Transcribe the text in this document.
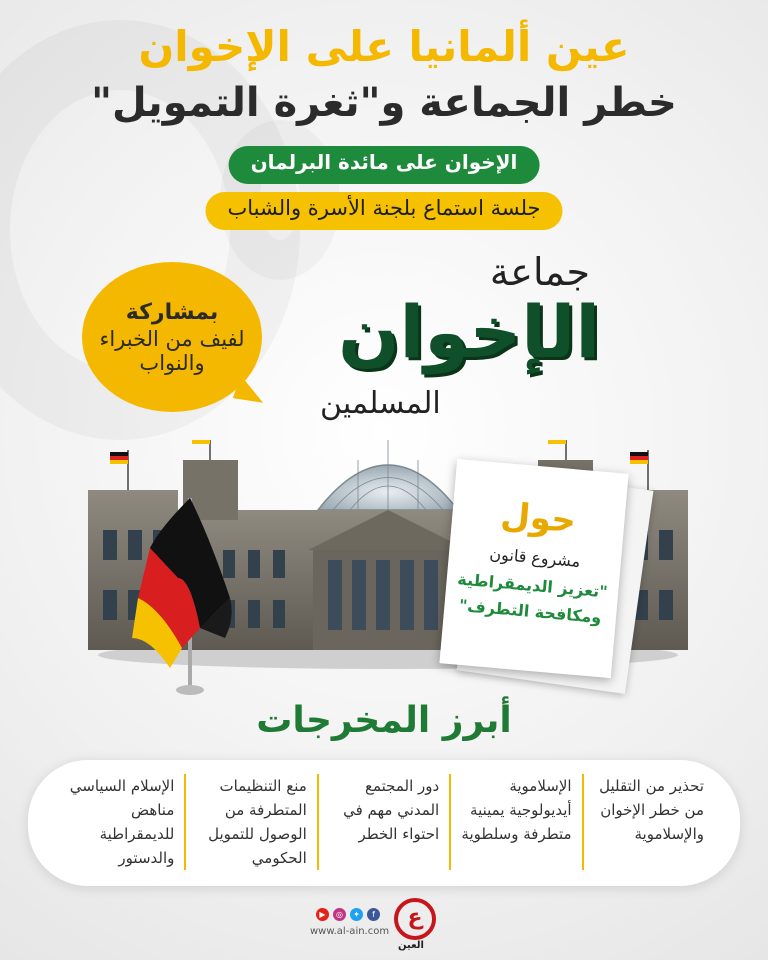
عين ألمانيا على الإخوان
خطر الجماعة و"ثغرة التمويل"
الإخوان على مائدة البرلمان
جلسة استماع بلجنة الأسرة والشباب
بمشاركة
لفيف من الخبراء
والنواب
جماعة
الإخوان
المسلمين
حول
مشروع قانون
"تعزيز الديمقراطية
ومكافحة التطرف"
أبرز المخرجات
تحذير من التقليل من خطر الإخوان والإسلاموية
الإسلاموية أيديولوجية يمينية متطرفة وسلطوية
دور المجتمع المدني مهم في احتواء الخطر
منع التنظيمات المتطرفة من الوصول للتمويل الحكومي
الإسلام السياسي مناهض للديمقراطية والدستور
▶	◎	✦	f
www.al-ain.com
ع
العين
